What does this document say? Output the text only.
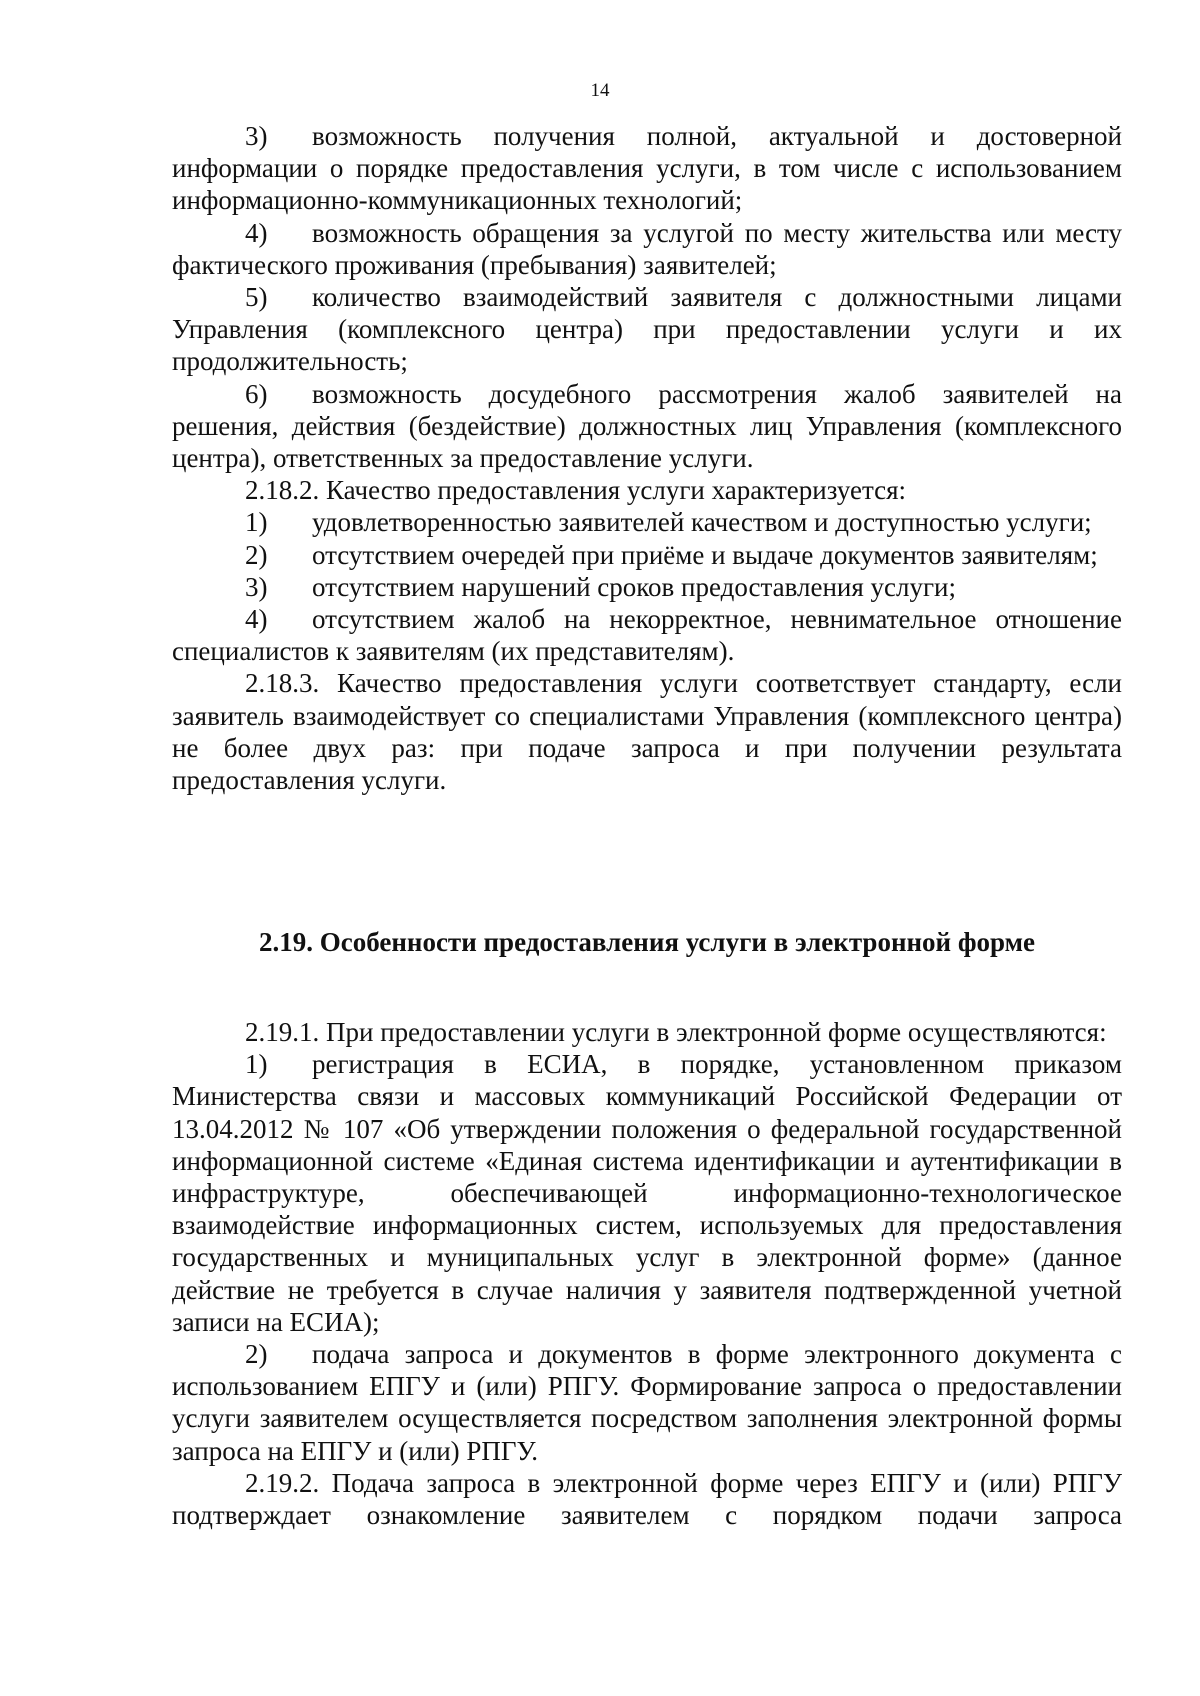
14

3) возможность получения полной, актуальной и достоверной информации о порядке предоставления услуги, в том числе с использованием информационно-коммуникационных технологий;

4) возможность обращения за услугой по месту жительства или месту фактического проживания (пребывания) заявителей;

5) количество взаимодействий заявителя с должностными лицами Управления (комплексного центра) при предоставлении услуги и их продолжительность;

6) возможность досудебного рассмотрения жалоб заявителей на решения, действия (бездействие) должностных лиц Управления (комплексного центра), ответственных за предоставление услуги.

2.18.2. Качество предоставления услуги характеризуется:

1) удовлетворенностью заявителей качеством и доступностью услуги;

2) отсутствием очередей при приёме и выдаче документов заявителям;

3) отсутствием нарушений сроков предоставления услуги;

4) отсутствием жалоб на некорректное, невнимательное отношение специалистов к заявителям (их представителям).

2.18.3. Качество предоставления услуги соответствует стандарту, если заявитель взаимодействует со специалистами Управления (комплексного центра) не более двух раз: при подаче запроса и при получении результата предоставления услуги.

2.19. Особенности предоставления услуги в электронной форме

2.19.1. При предоставлении услуги в электронной форме осуществляются:

1) регистрация в ЕСИА, в порядке, установленном приказом Министерства связи и массовых коммуникаций Российской Федерации от 13.04.2012 № 107 «Об утверждении положения о федеральной государственной информационной системе «Единая система идентификации и аутентификации в инфраструктуре, обеспечивающей информационно-технологическое взаимодействие информационных систем, используемых для предоставления государственных и муниципальных услуг в электронной форме» (данное действие не требуется в случае наличия у заявителя подтвержденной учетной записи на ЕСИА);

2) подача запроса и документов в форме электронного документа с использованием ЕПГУ и (или) РПГУ. Формирование запроса о предоставлении услуги заявителем осуществляется посредством заполнения электронной формы запроса на ЕПГУ и (или) РПГУ.

2.19.2. Подача запроса в электронной форме через ЕПГУ и (или) РПГУ подтверждает ознакомление заявителем с порядком подачи запроса
